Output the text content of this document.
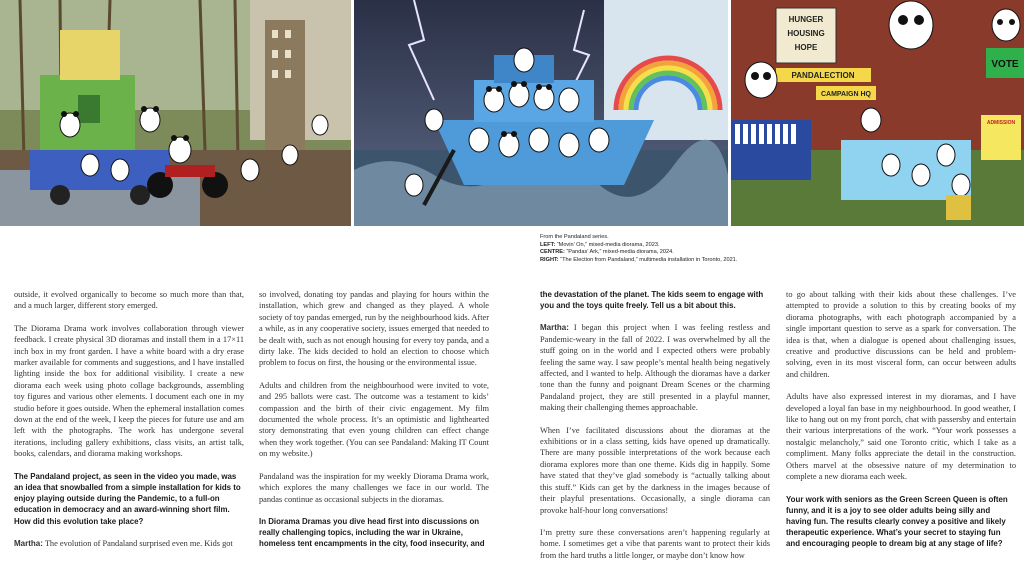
HUNGER
HOUSING
HOPE
PANDALECTION
CAMPAIGN HQ
VOTE
ADMISSION
From the Pandaland series.
LEFT: “Movin’ On,” mixed-media diorama, 2023.
CENTRE: “Pandas’ Ark,” mixed-media diorama, 2024.
RIGHT: “The Election from Pandaland,” multimedia installation in Toronto, 2021.

outside, it evolved organically to become so much more than that, and a much larger, different story emerged.

The Diorama Drama work involves collaboration through viewer feedback. I create physical 3D dioramas and install them in a 17×11 inch box in my front garden. I have a white board with a dry erase marker available for comments and suggestions, and I have installed lighting inside the box for additional visibility. I create a new diorama each week using photo collage backgrounds, assembling toy figures and various other elements. I document each one in my studio before it goes outside. When the ephemeral installation comes down at the end of the week, I keep the pieces for future use and am left with the photographs. The work has undergone several iterations, including gallery exhibitions, class visits, an artist talk, books, calendars, and diorama making workshops.

The Pandaland project, as seen in the video you made, was an idea that snowballed from a simple installation for kids to enjoy playing outside during the Pandemic, to a full-on education in democracy and an award-winning short film. How did this evolution take place?

Martha: The evolution of Pandaland surprised even me. Kids got

so involved, donating toy pandas and playing for hours within the installation, which grew and changed as they played. A whole society of toy pandas emerged, run by the neighbourhood kids. After a while, as in any cooperative society, issues emerged that needed to be dealt with, such as not enough housing for every toy panda, and a dirty lake. The kids decided to hold an election to choose which problem to focus on first, the housing or the environmental issue.

Adults and children from the neighbourhood were invited to vote, and 295 ballots were cast. The outcome was a testament to kids’ compassion and the birth of their civic engagement. My film documented the whole process. It’s an optimistic and lighthearted story demonstrating that even young children can effect change when they work together. (You can see Pandaland: Making IT Count on my website.)

Pandaland was the inspiration for my weekly Diorama Drama work, which explores the many challenges we face in our world. The pandas continue as occasional subjects in the dioramas.

In Diorama Dramas you dive head first into discussions on really challenging topics, including the war in Ukraine, homeless tent encampments in the city, food insecurity, and

the devastation of the planet. The kids seem to engage with you and the toys quite freely. Tell us a bit about this.

Martha: I began this project when I was feeling restless and Pandemic-weary in the fall of 2022. I was overwhelmed by all the stuff going on in the world and I expected others were probably feeling the same way. I saw people’s mental health being negatively affected, and I wanted to help. Although the dioramas have a darker tone than the funny and poignant Dream Scenes or the charming Pandaland project, they are still presented in a playful manner, making their challenging themes approachable.

When I’ve facilitated discussions about the dioramas at the exhibitions or in a class setting, kids have opened up dramatically. There are many possible interpretations of the work because each diorama explores more than one theme. Kids dig in happily. Some have stated that they’ve glad somebody is “actually talking about this stuff.” Kids can get by the darkness in the images because of their playful presentations. Occasionally, a single diorama can provoke half-hour long conversations!

I’m pretty sure these conversations aren’t happening regularly at home. I sometimes get a vibe that parents want to protect their kids from the hard truths a little longer, or maybe don’t know how

to go about talking with their kids about these challenges. I’ve attempted to provide a solution to this by creating books of my diorama photographs, with each photograph accompanied by a single important question to serve as a spark for conversation. The idea is that, when a dialogue is opened about challenging issues, creative and productive discussions can be held and problem-solving, even in its most visceral form, can occur between adults and children.

Adults have also expressed interest in my dioramas, and I have developed a loyal fan base in my neighbourhood. In good weather, I like to hang out on my front porch, chat with passersby and entertain their various interpretations of the work. “Your work possesses a nostalgic melancholy,” said one Toronto critic, which I take as a compliment. Many folks appreciate the detail in the construction. Others marvel at the obsessive nature of my determination to complete a new diorama each week.

Your work with seniors as the Green Screen Queen is often funny, and it is a joy to see older adults being silly and having fun. The results clearly convey a positive and likely therapeutic experience. What’s your secret to staying fun and encouraging people to dream big at any stage of life?
